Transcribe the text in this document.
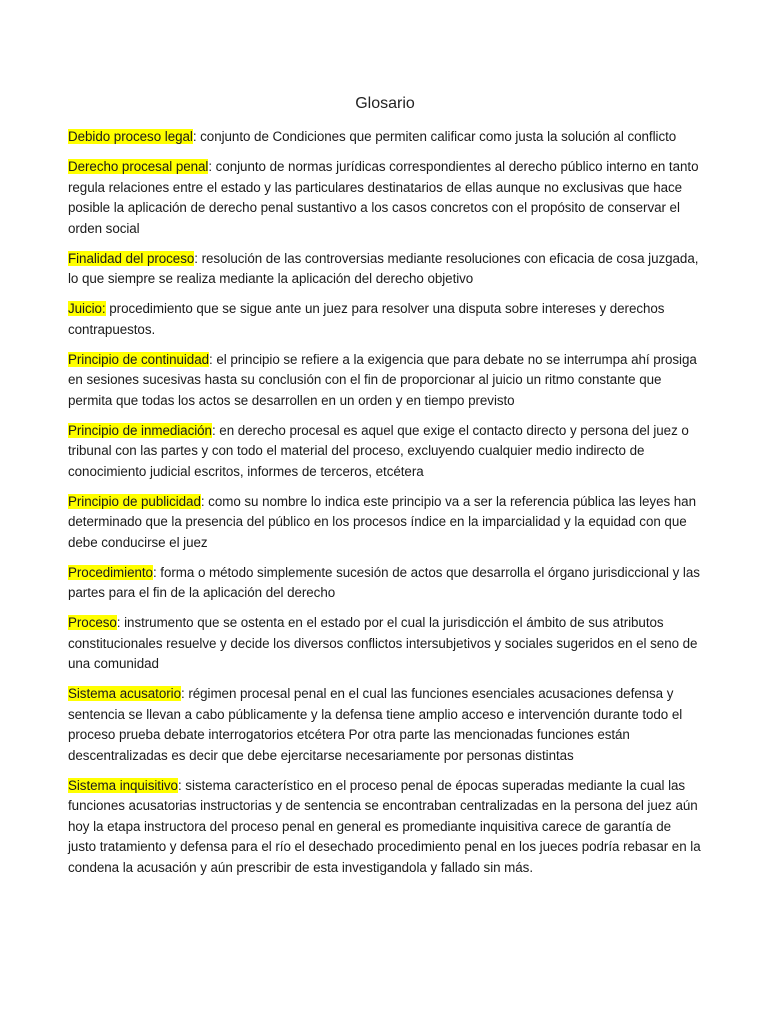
Glosario

Debido proceso legal: conjunto de Condiciones que permiten calificar como justa la solución al conflicto

Derecho procesal penal: conjunto de normas jurídicas correspondientes al derecho público interno en tanto regula relaciones entre el estado y las particulares destinatarios de ellas aunque no exclusivas que hace posible la aplicación de derecho penal sustantivo a los casos concretos con el propósito de conservar el orden social

Finalidad del proceso: resolución de las controversias mediante resoluciones con eficacia de cosa juzgada, lo que siempre se realiza mediante la aplicación del derecho objetivo

Juicio: procedimiento que se sigue ante un juez para resolver una disputa sobre intereses y derechos contrapuestos.

Principio de continuidad: el principio se refiere a la exigencia que para debate no se interrumpa ahí prosiga en sesiones sucesivas hasta su conclusión con el fin de proporcionar al juicio un ritmo constante que permita que todas los actos se desarrollen en un orden y en tiempo previsto

Principio de inmediación: en derecho procesal es aquel que exige el contacto directo y persona del juez o tribunal con las partes y con todo el material del proceso, excluyendo cualquier medio indirecto de conocimiento judicial escritos, informes de terceros, etcétera

Principio de publicidad: como su nombre lo indica este principio va a ser la referencia pública las leyes han determinado que la presencia del público en los procesos índice en la imparcialidad y la equidad con que debe conducirse el juez

Procedimiento: forma o método simplemente sucesión de actos que desarrolla el órgano jurisdiccional y las partes para el fin de la aplicación del derecho

Proceso: instrumento que se ostenta en el estado por el cual la jurisdicción el ámbito de sus atributos constitucionales resuelve y decide los diversos conflictos intersubjetivos y sociales sugeridos en el seno de una comunidad

Sistema acusatorio: régimen procesal penal en el cual las funciones esenciales acusaciones defensa y sentencia se llevan a cabo públicamente y la defensa tiene amplio acceso e intervención durante todo el proceso prueba debate interrogatorios etcétera Por otra parte las mencionadas funciones están descentralizadas es decir que debe ejercitarse necesariamente por personas distintas

Sistema inquisitivo: sistema característico en el proceso penal de épocas superadas mediante la cual las funciones acusatorias instructorias y de sentencia se encontraban centralizadas en la persona del juez aún hoy la etapa instructora del proceso penal en general es promediante inquisitiva carece de garantía de justo tratamiento y defensa para el río el desechado procedimiento penal en los jueces podría rebasar en la condena la acusación y aún prescribir de esta investigandola y fallado sin más.
